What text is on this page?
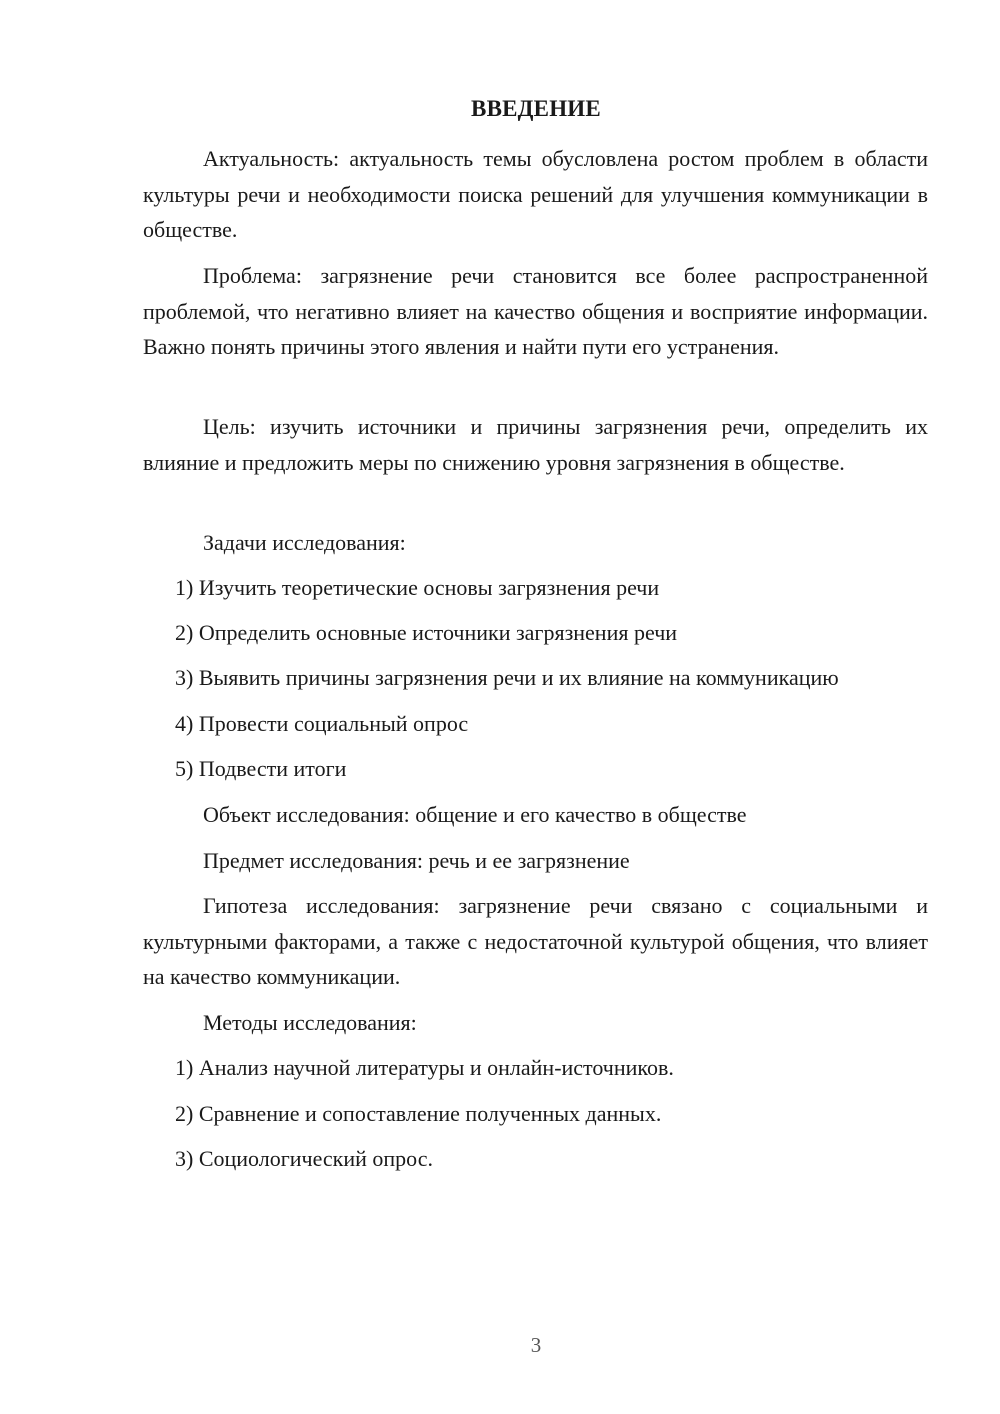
ВВЕДЕНИЕ

Актуальность: актуальность темы обусловлена ростом проблем в области культуры речи и необходимости поиска решений для улучшения коммуникации в обществе.

Проблема: загрязнение речи становится все более распространенной проблемой, что негативно влияет на качество общения и восприятие информации. Важно понять причины этого явления и найти пути его устранения.

Цель: изучить источники и причины загрязнения речи, определить их влияние и предложить меры по снижению уровня загрязнения в обществе.

Задачи исследования:

1) Изучить теоретические основы загрязнения речи

2) Определить основные источники загрязнения речи

3) Выявить причины загрязнения речи и их влияние на коммуникацию

4) Провести социальный опрос

5) Подвести итоги

Объект исследования: общение и его качество в обществе

Предмет исследования: речь и ее загрязнение

Гипотеза исследования: загрязнение речи связано с социальными и культурными факторами, а также с недостаточной культурой общения, что влияет на качество коммуникации.

Методы исследования:

1) Анализ научной литературы и онлайн-источников.

2) Сравнение и сопоставление полученных данных.

3) Социологический опрос.

3
